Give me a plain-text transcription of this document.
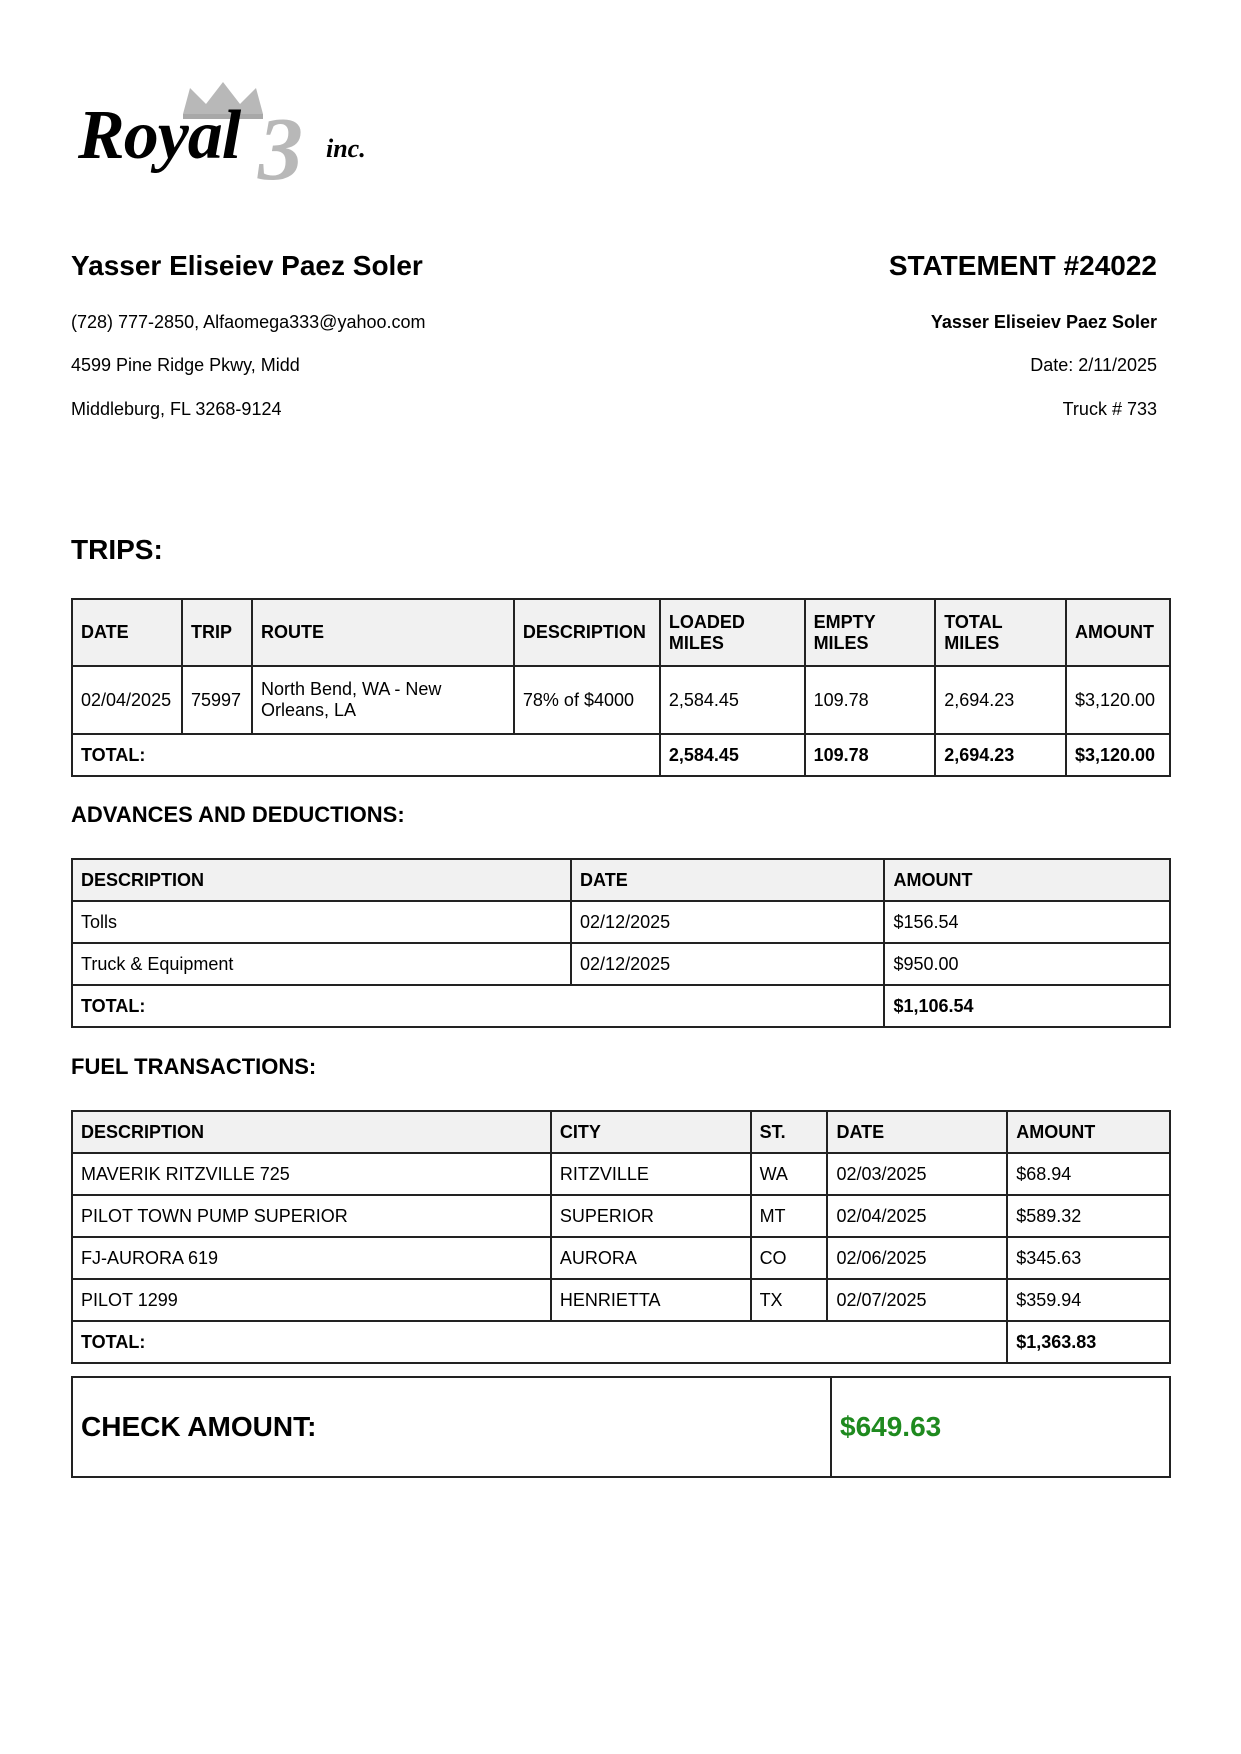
Royal 3 inc.
Yasser Eliseiev Paez Soler
(728) 777-2850, Alfaomega333@yahoo.com
4599 Pine Ridge Pkwy, Midd
Middleburg, FL 3268-9124
STATEMENT #24022
Yasser Eliseiev Paez Soler
Date: 2/11/2025
Truck # 733
TRIPS:
DATE	TRIP	ROUTE	DESCRIPTION	LOADED MILES	EMPTY MILES	TOTAL MILES	AMOUNT
02/04/2025	75997	North Bend, WA - New Orleans, LA	78% of $4000	2,584.45	109.78	2,694.23	$3,120.00
TOTAL:				2,584.45	109.78	2,694.23	$3,120.00
ADVANCES AND DEDUCTIONS:
DESCRIPTION	DATE	AMOUNT
Tolls	02/12/2025	$156.54
Truck & Equipment	02/12/2025	$950.00
TOTAL:		$1,106.54
FUEL TRANSACTIONS:
DESCRIPTION	CITY	ST.	DATE	AMOUNT
MAVERIK RITZVILLE 725	RITZVILLE	WA	02/03/2025	$68.94
PILOT TOWN PUMP SUPERIOR	SUPERIOR	MT	02/04/2025	$589.32
FJ-AURORA 619	AURORA	CO	02/06/2025	$345.63
PILOT 1299	HENRIETTA	TX	02/07/2025	$359.94
TOTAL:				$1,363.83
CHECK AMOUNT:	$649.63
